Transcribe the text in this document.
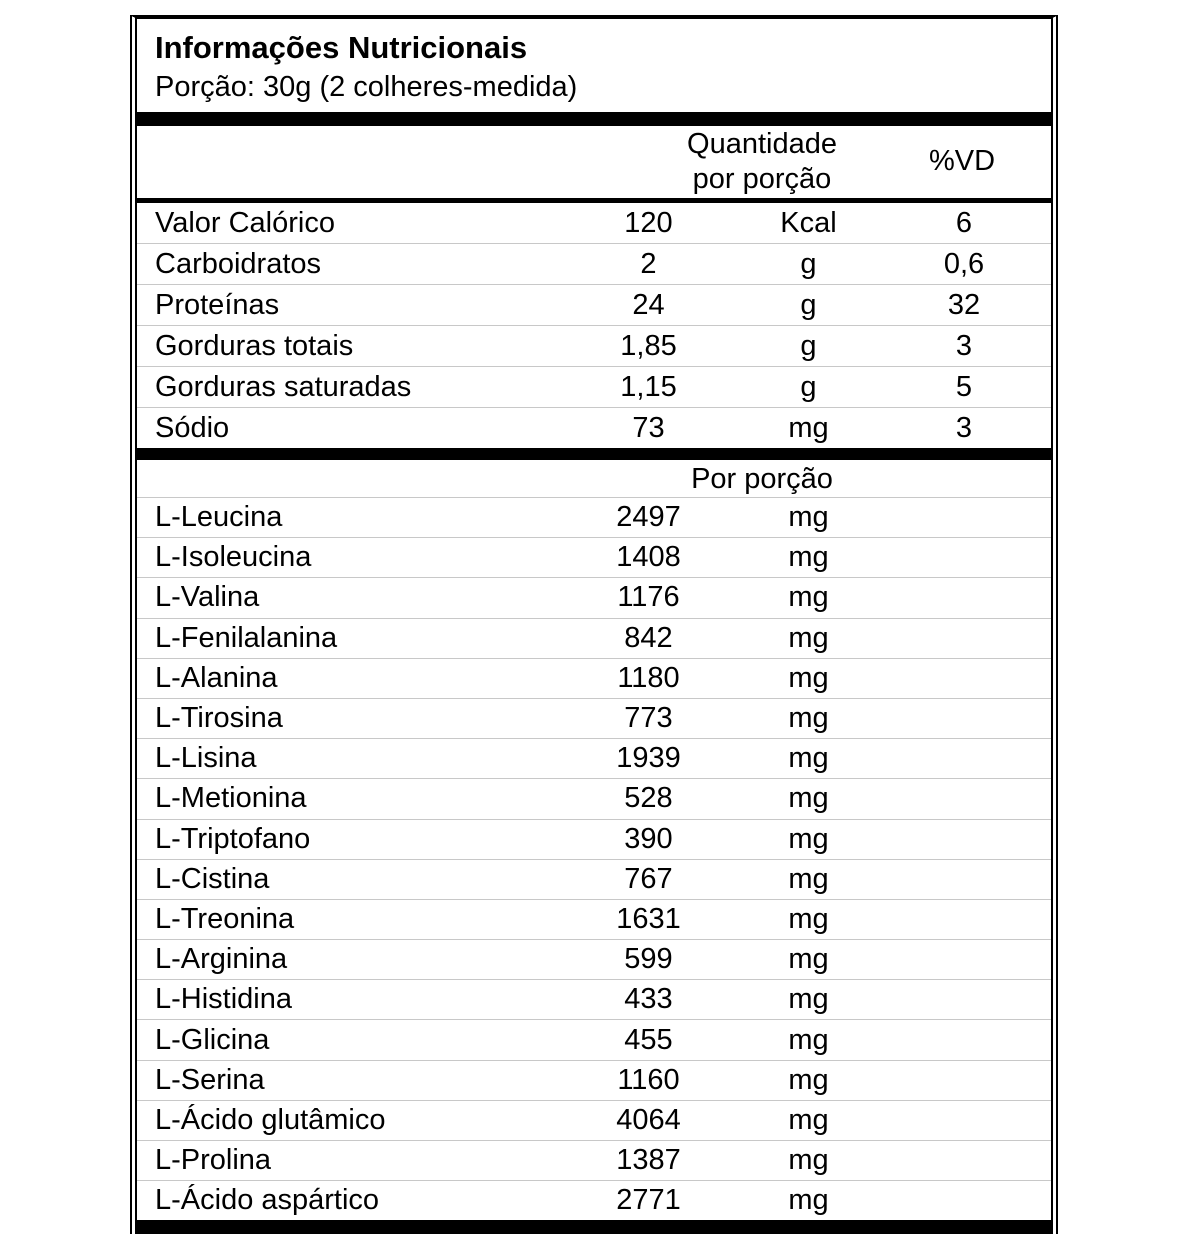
Informações Nutricionais
Porção: 30g (2 colheres-medida)
Quantidade
por porção
%VD
Valor Calórico	120	Kcal	6
Carboidratos	2	g	0,6
Proteínas	24	g	32
Gorduras totais	1,85	g	3
Gorduras saturadas	1,15	g	5
Sódio	73	mg	3
Por porção
L-Leucina	2497	mg
L-Isoleucina	1408	mg
L-Valina	1176	mg
L-Fenilalanina	842	mg
L-Alanina	1180	mg
L-Tirosina	773	mg
L-Lisina	1939	mg
L-Metionina	528	mg
L-Triptofano	390	mg
L-Cistina	767	mg
L-Treonina	1631	mg
L-Arginina	599	mg
L-Histidina	433	mg
L-Glicina	455	mg
L-Serina	1160	mg
L-Ácido glutâmico	4064	mg
L-Prolina	1387	mg
L-Ácido aspártico	2771	mg
